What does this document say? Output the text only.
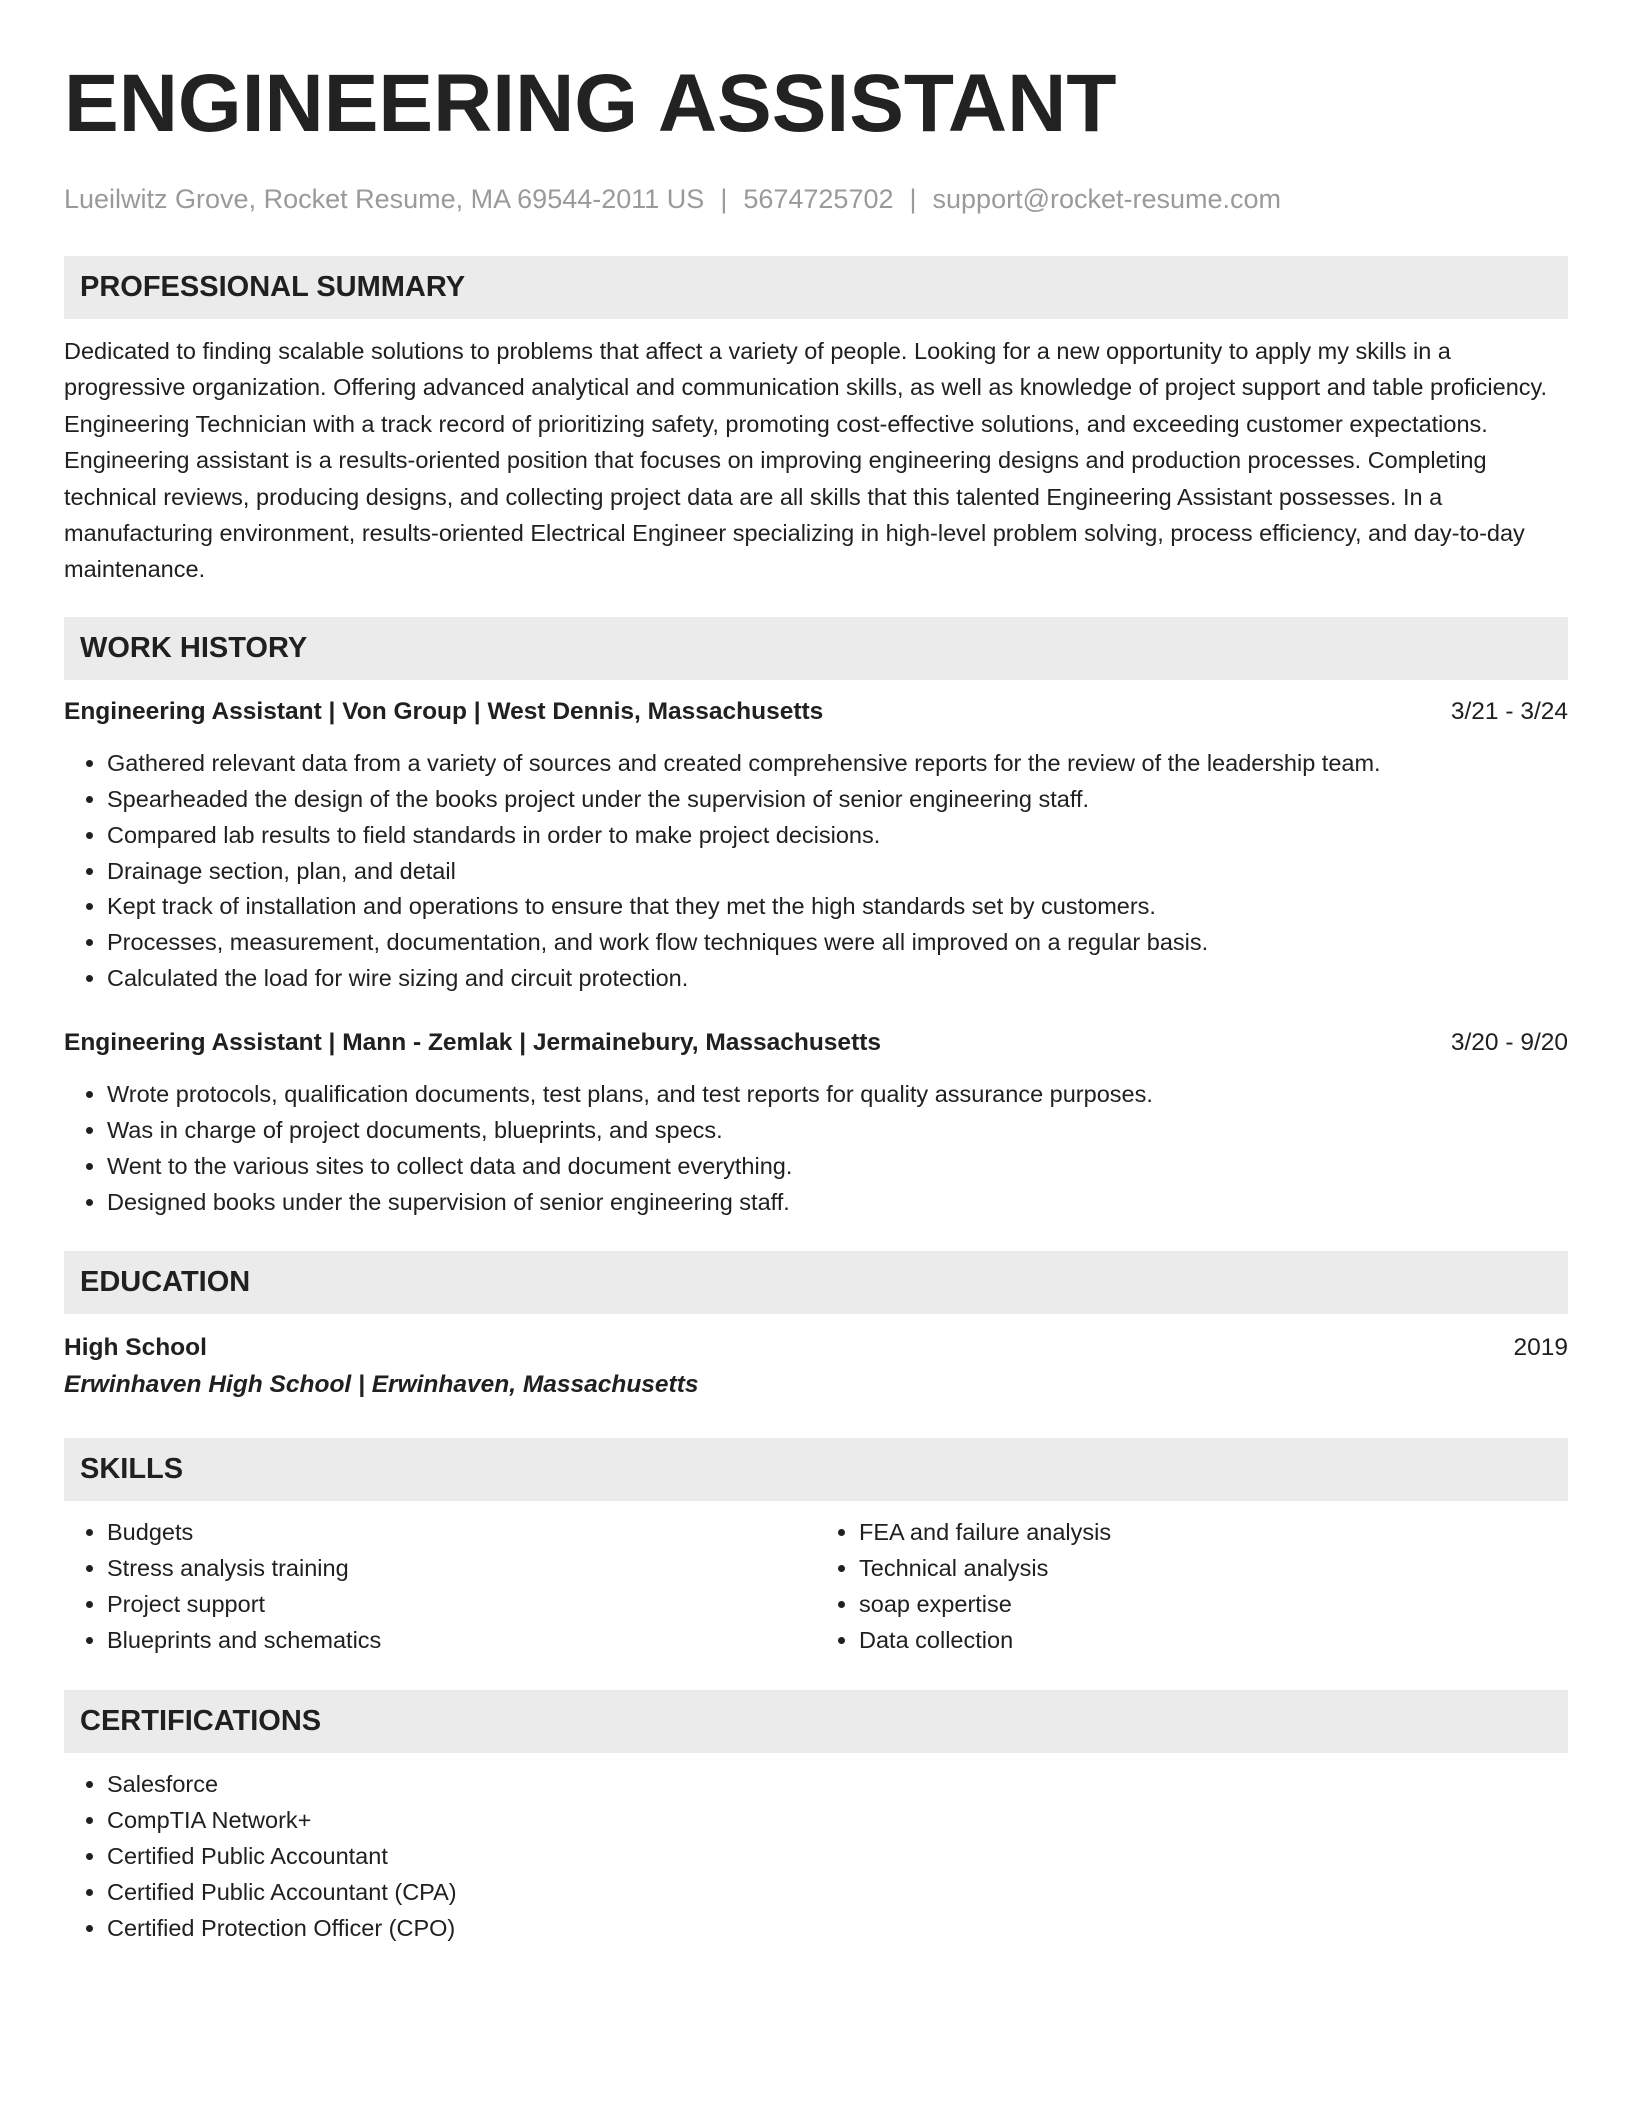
ENGINEERING ASSISTANT
Lueilwitz Grove, Rocket Resume, MA 69544-2011 US | 5674725702 | support@rocket-resume.com
PROFESSIONAL SUMMARY

Dedicated to finding scalable solutions to problems that affect a variety of people. Looking for a new opportunity to apply my skills in a progressive organization. Offering advanced analytical and communication skills, as well as knowledge of project support and table proficiency. Engineering Technician with a track record of prioritizing safety, promoting cost-effective solutions, and exceeding customer expectations. Engineering assistant is a results-oriented position that focuses on improving engineering designs and production processes. Completing technical reviews, producing designs, and collecting project data are all skills that this talented Engineering Assistant possesses. In a manufacturing environment, results-oriented Electrical Engineer specializing in high-level problem solving, process efficiency, and day-to-day maintenance.

WORK HISTORY
Engineering Assistant | Von Group | West Dennis, Massachusetts	3/21 - 3/24
• Gathered relevant data from a variety of sources and created comprehensive reports for the review of the leadership team.
• Spearheaded the design of the books project under the supervision of senior engineering staff.
• Compared lab results to field standards in order to make project decisions.
• Drainage section, plan, and detail
• Kept track of installation and operations to ensure that they met the high standards set by customers.
• Processes, measurement, documentation, and work flow techniques were all improved on a regular basis.
• Calculated the load for wire sizing and circuit protection.
Engineering Assistant | Mann - Zemlak | Jermainebury, Massachusetts	3/20 - 9/20
• Wrote protocols, qualification documents, test plans, and test reports for quality assurance purposes.
• Was in charge of project documents, blueprints, and specs.
• Went to the various sites to collect data and document everything.
• Designed books under the supervision of senior engineering staff.
EDUCATION
High School	2019
Erwinhaven High School | Erwinhaven, Massachusetts
SKILLS
• Budgets
• Stress analysis training
• Project support
• Blueprints and schematics
• FEA and failure analysis
• Technical analysis
• soap expertise
• Data collection
CERTIFICATIONS
• Salesforce
• CompTIA Network+
• Certified Public Accountant
• Certified Public Accountant (CPA)
• Certified Protection Officer (CPO)
